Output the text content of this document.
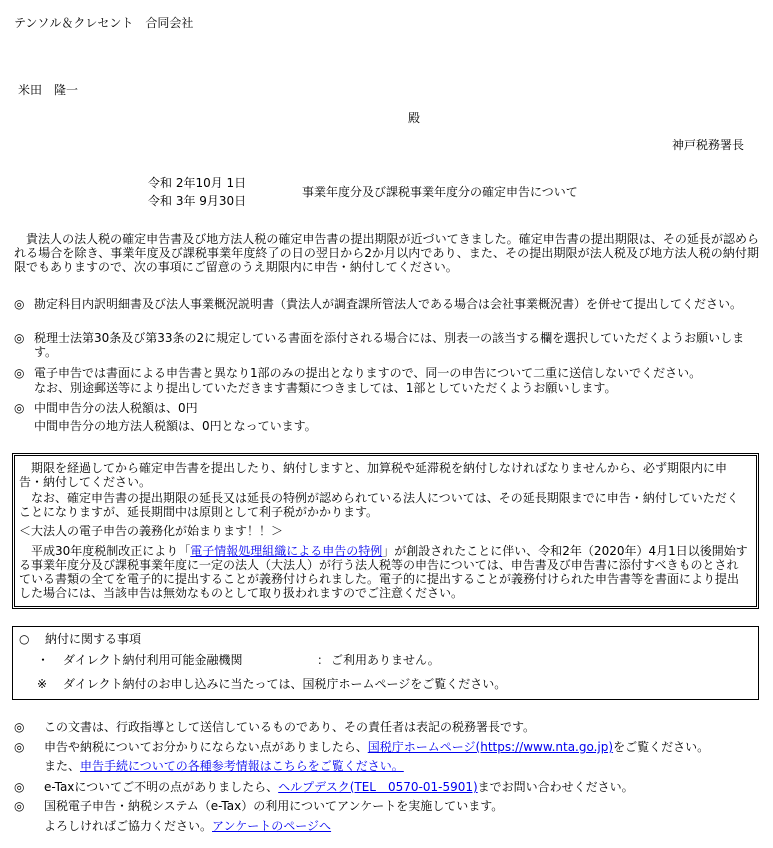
テンソル＆クレセント　合同会社
米田　隆一
殿
神戸税務署長
令和 2年10月 1日
令和 3年 9月30日
事業年度分及び課税事業年度分の確定申告について
　貴法人の法人税の確定申告書及び地方法人税の確定申告書の提出期限が近づいてきました。確定申告書の提出期限は、その延長が認められる場合を除き、事業年度及び課税事業年度終了の日の翌日から2か月以内であり、また、その提出期限が法人税及び地方法人税の納付期限でもありますので、次の事項にご留意のうえ期限内に申告・納付してください。
◎ 勘定科目内訳明細書及び法人事業概況説明書（貴法人が調査課所管法人である場合は会社事業概況書）を併せて提出してください。
◎ 税理士法第30条及び第33条の2に規定している書面を添付される場合には、別表一の該当する欄を選択していただくようお願いします。
◎ 電子申告では書面による申告書と異なり1部のみの提出となりますので、同一の申告について二重に送信しないでください。
なお、別途郵送等により提出していただきます書類につきましては、1部としていただくようお願いします。
◎ 中間申告分の法人税額は、0円
中間申告分の地方法人税額は、0円となっています。
　期限を経過してから確定申告書を提出したり、納付しますと、加算税や延滞税を納付しなければなりませんから、必ず期限内に申告・納付してください。
　なお、確定申告書の提出期限の延長又は延長の特例が認められている法人については、その延長期限までに申告・納付していただくことになりますが、延長期間中は原則として利子税がかかります。
＜大法人の電子申告の義務化が始まります！！＞
　平成30年度税制改正により「電子情報処理組織による申告の特例」が創設されたことに伴い、令和2年（2020年）4月1日以後開始する事業年度分及び課税事業年度に一定の法人（大法人）が行う法人税等の申告については、申告書及び申告書に添付すべきものとされている書類の全てを電子的に提出することが義務付けられました。電子的に提出することが義務付けられた申告書等を書面により提出した場合には、当該申告は無効なものとして取り扱われますのでご注意ください。
○ 納付に関する事項
・ ダイレクト納付利用可能金融機関	： ご利用ありません。
※ ダイレクト納付のお申し込みに当たっては、国税庁ホームページをご覧ください。
◎ この文書は、行政指導として送信しているものであり、その責任者は表記の税務署長です。
◎ 申告や納税についてお分かりにならない点がありましたら、国税庁ホームページ(https://www.nta.go.jp)をご覧ください。
また、申告手続についての各種参考情報はこちらをご覧ください。
◎ e-Taxについてご不明の点がありましたら、ヘルプデスク(TEL　0570-01-5901)までお問い合わせください。
◎ 国税電子申告・納税システム（e-Tax）の利用についてアンケートを実施しています。
よろしければご協力ください。アンケートのページへ
